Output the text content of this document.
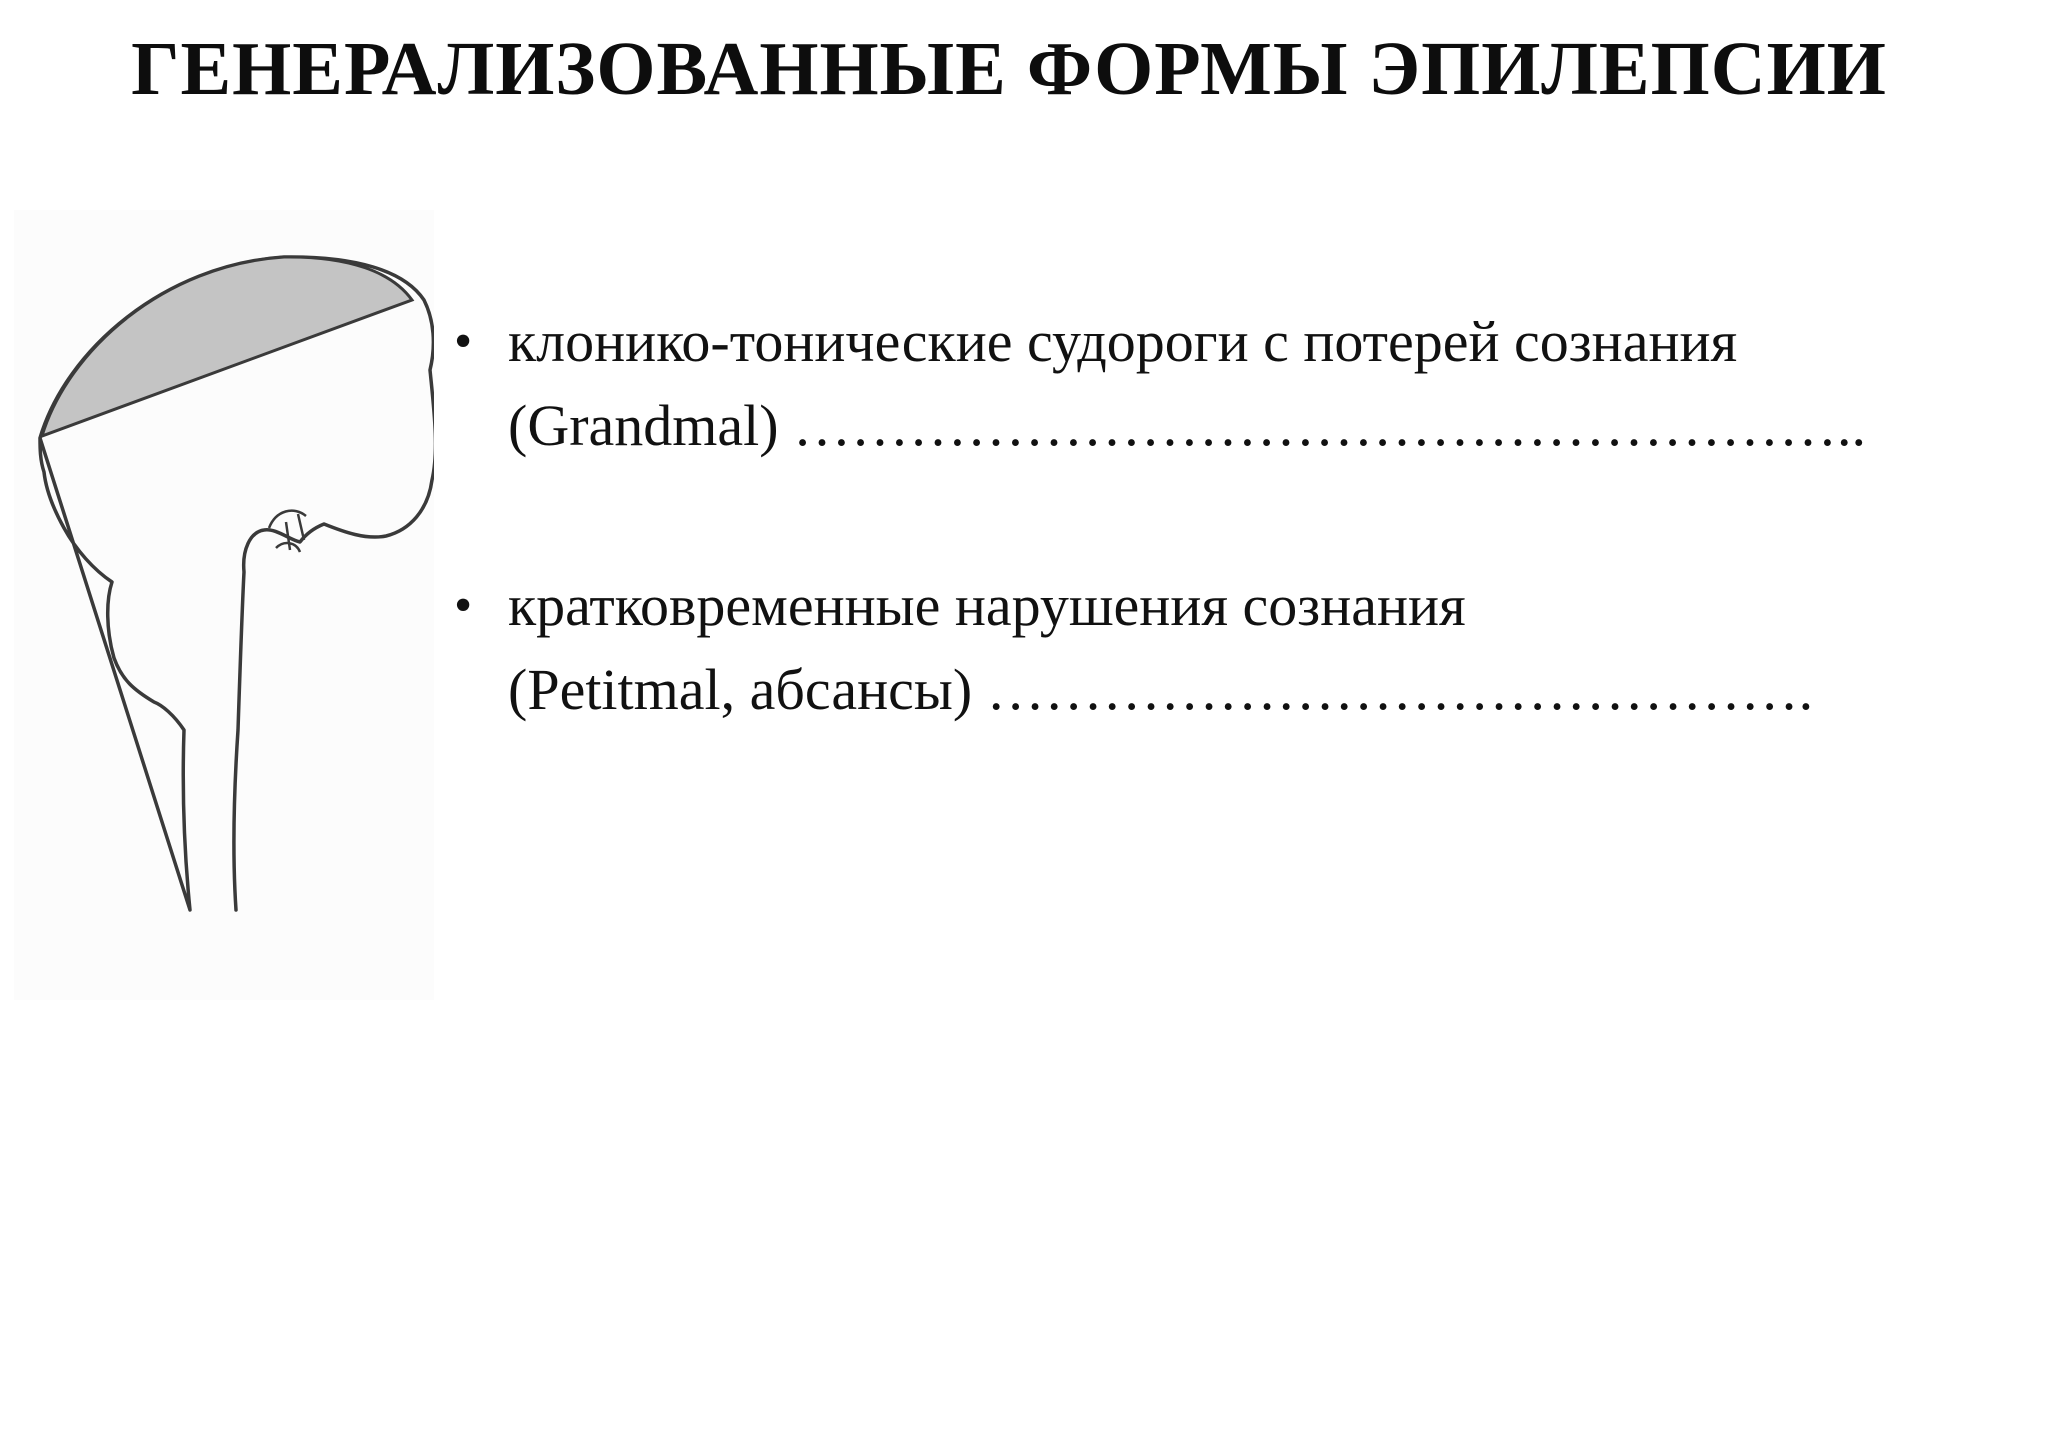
ГЕНЕРАЛИЗОВАННЫЕ ФОРМЫ ЭПИЛЕПСИИ
• клонико-тонические судороги с потерей сознания
(Grandmal) ………………………………………………..
• кратковременные нарушения сознания
(Petitmal, абсансы) …………………………………….
